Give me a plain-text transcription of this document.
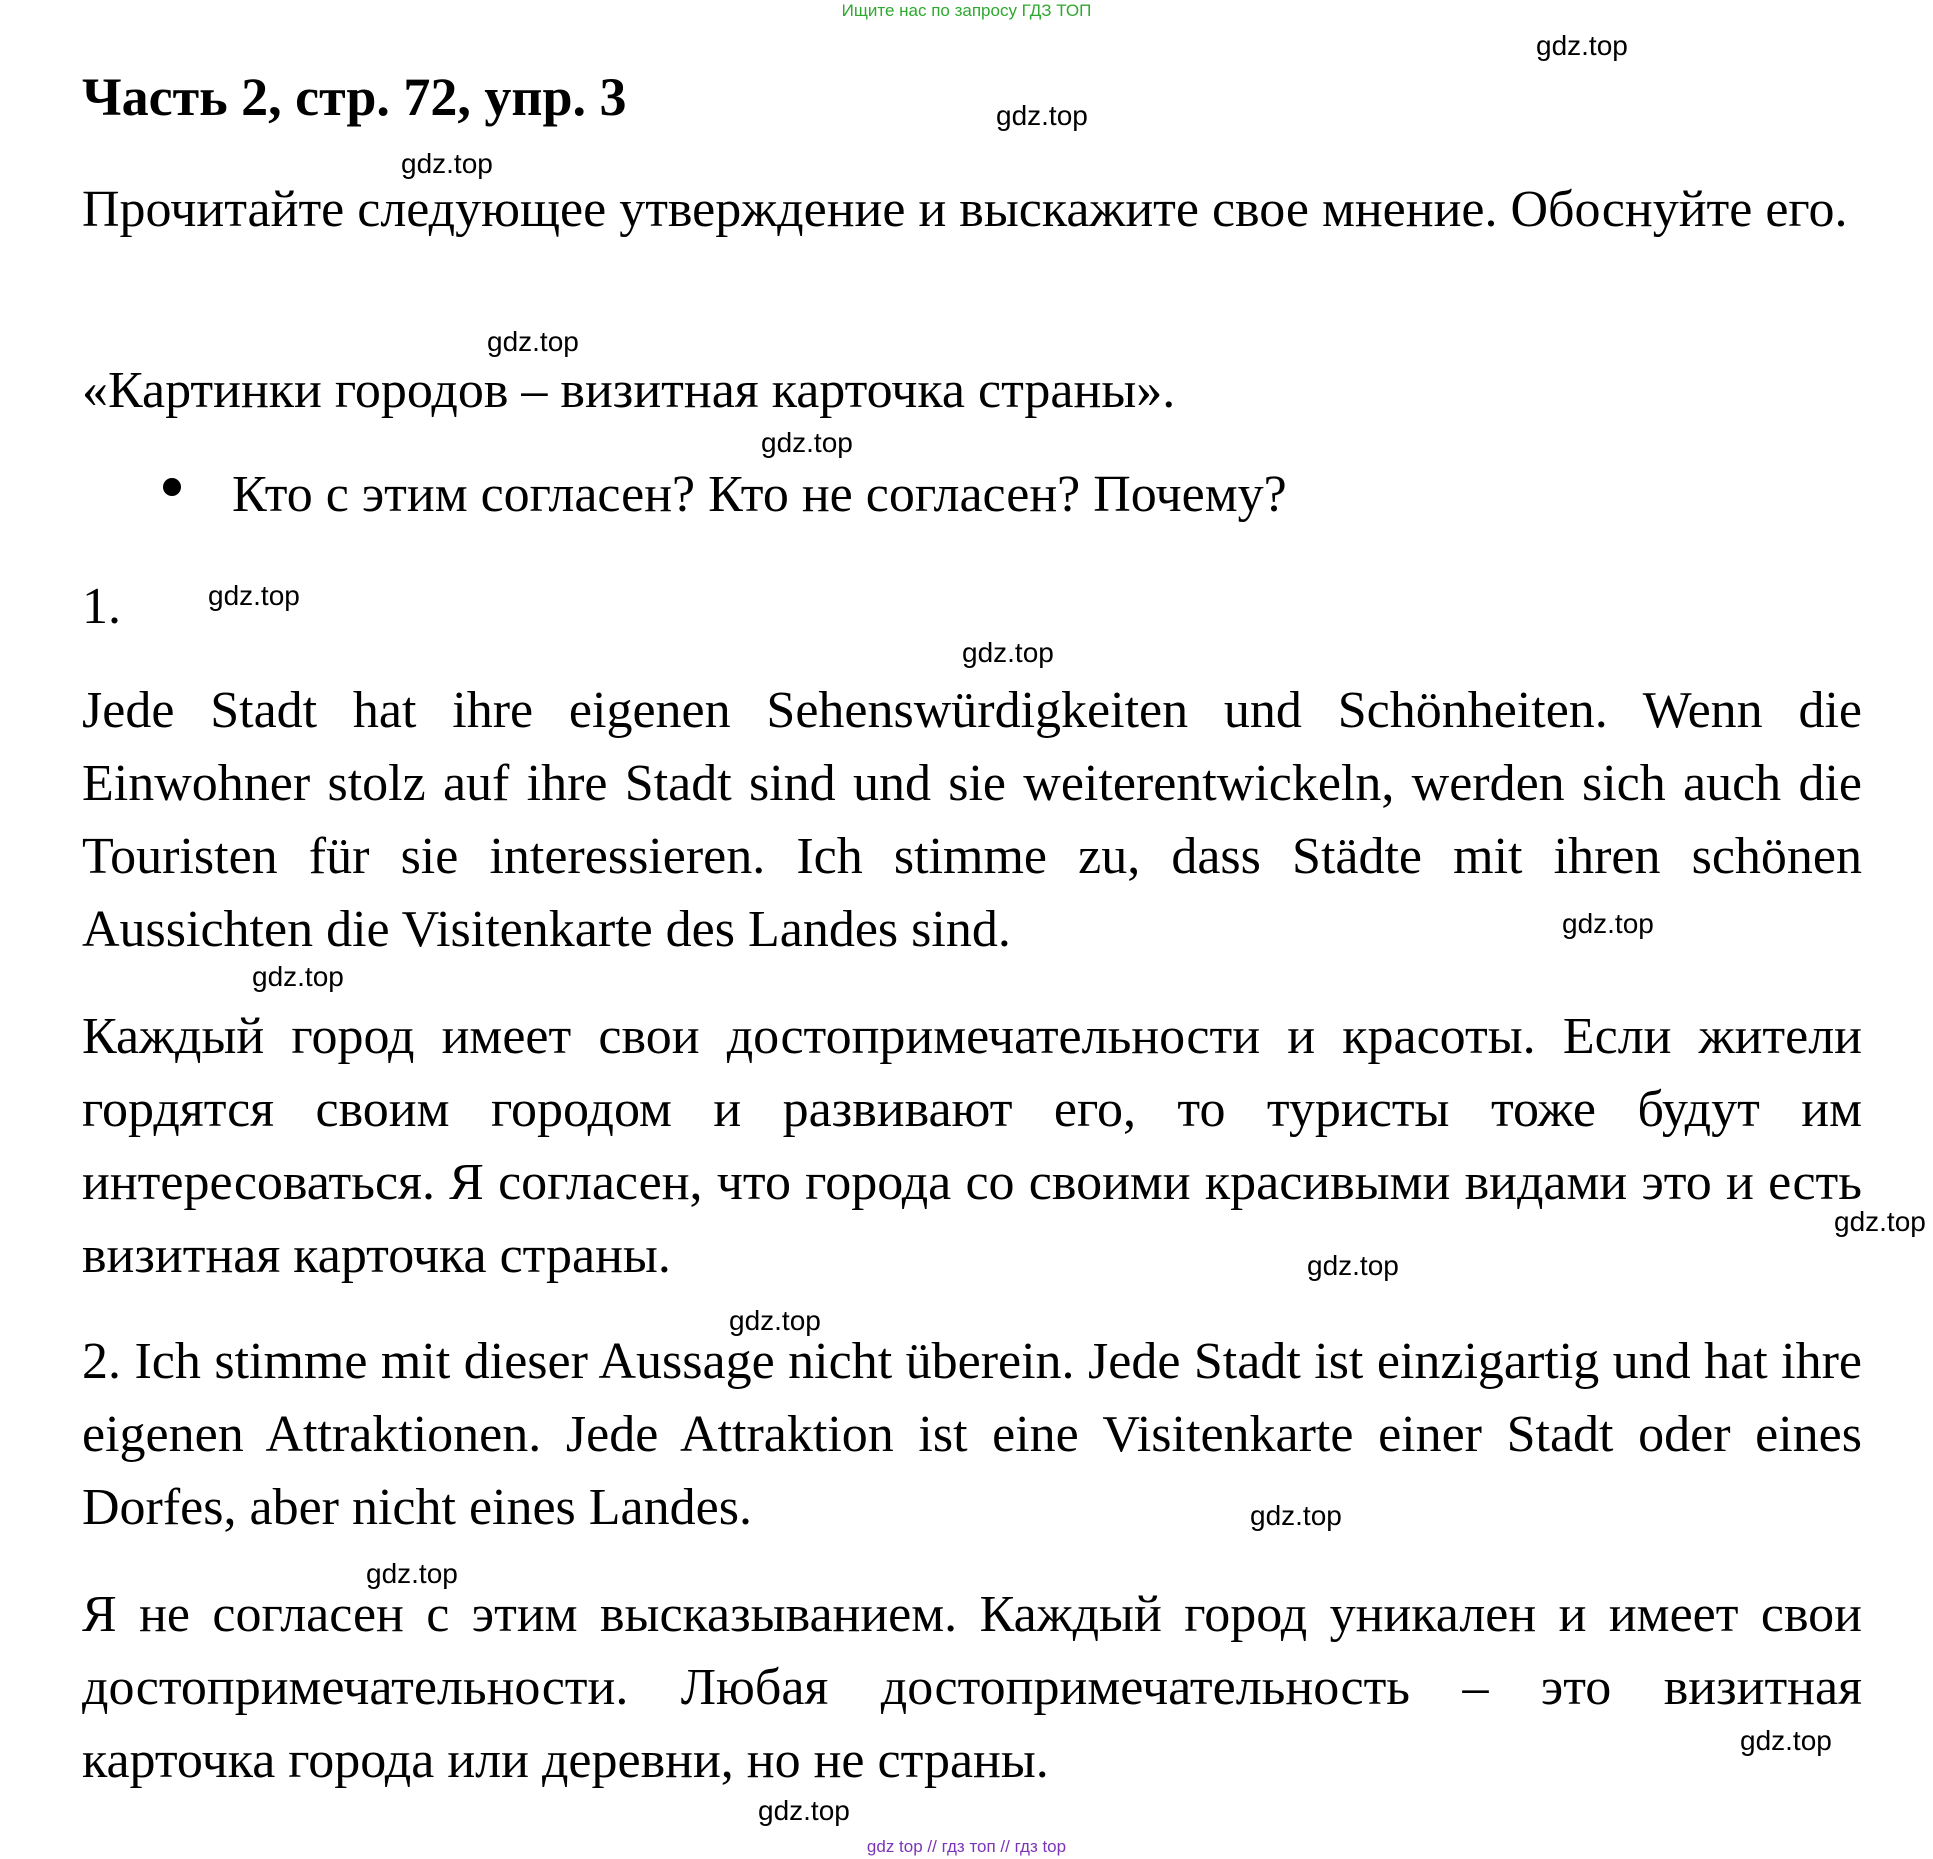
Ищите нас по запросу ГДЗ ТОП
Часть 2, стр. 72, упр. 3
Прочитайте следующее утверждение и выскажите свое мнение. Обоснуйте его.
«Картинки городов – визитная карточка страны».
Кто с этим согласен? Кто не согласен? Почему?
1.
Jede Stadt hat ihre eigenen Sehenswürdigkeiten und Schönheiten. Wenn die Einwohner stolz auf ihre Stadt sind und sie weiterentwickeln, werden sich auch die Touristen für sie interessieren. Ich stimme zu, dass Städte mit ihren schönen Aussichten die Visitenkarte des Landes sind.
Каждый город имеет свои достопримечательности и красоты. Если жители гордятся своим городом и развивают его, то туристы тоже будут им интересоваться. Я согласен, что города со своими красивыми видами это и есть визитная карточка страны.
2. Ich stimme mit dieser Aussage nicht überein. Jede Stadt ist einzigartig und hat ihre eigenen Attraktionen. Jede Attraktion ist eine Visitenkarte einer Stadt oder eines Dorfes, aber nicht eines Landes.
Я не согласен с этим высказыванием. Каждый город уникален и имеет свои достопримечательности. Любая достопримечательность – это визитная карточка города или деревни, но не страны.
gdz.top
gdz.top
gdz.top
gdz.top
gdz.top
gdz.top
gdz.top
gdz.top
gdz.top
gdz.top
gdz.top
gdz.top
gdz.top
gdz.top
gdz.top
gdz.top
gdz top // гдз топ // гдз top
